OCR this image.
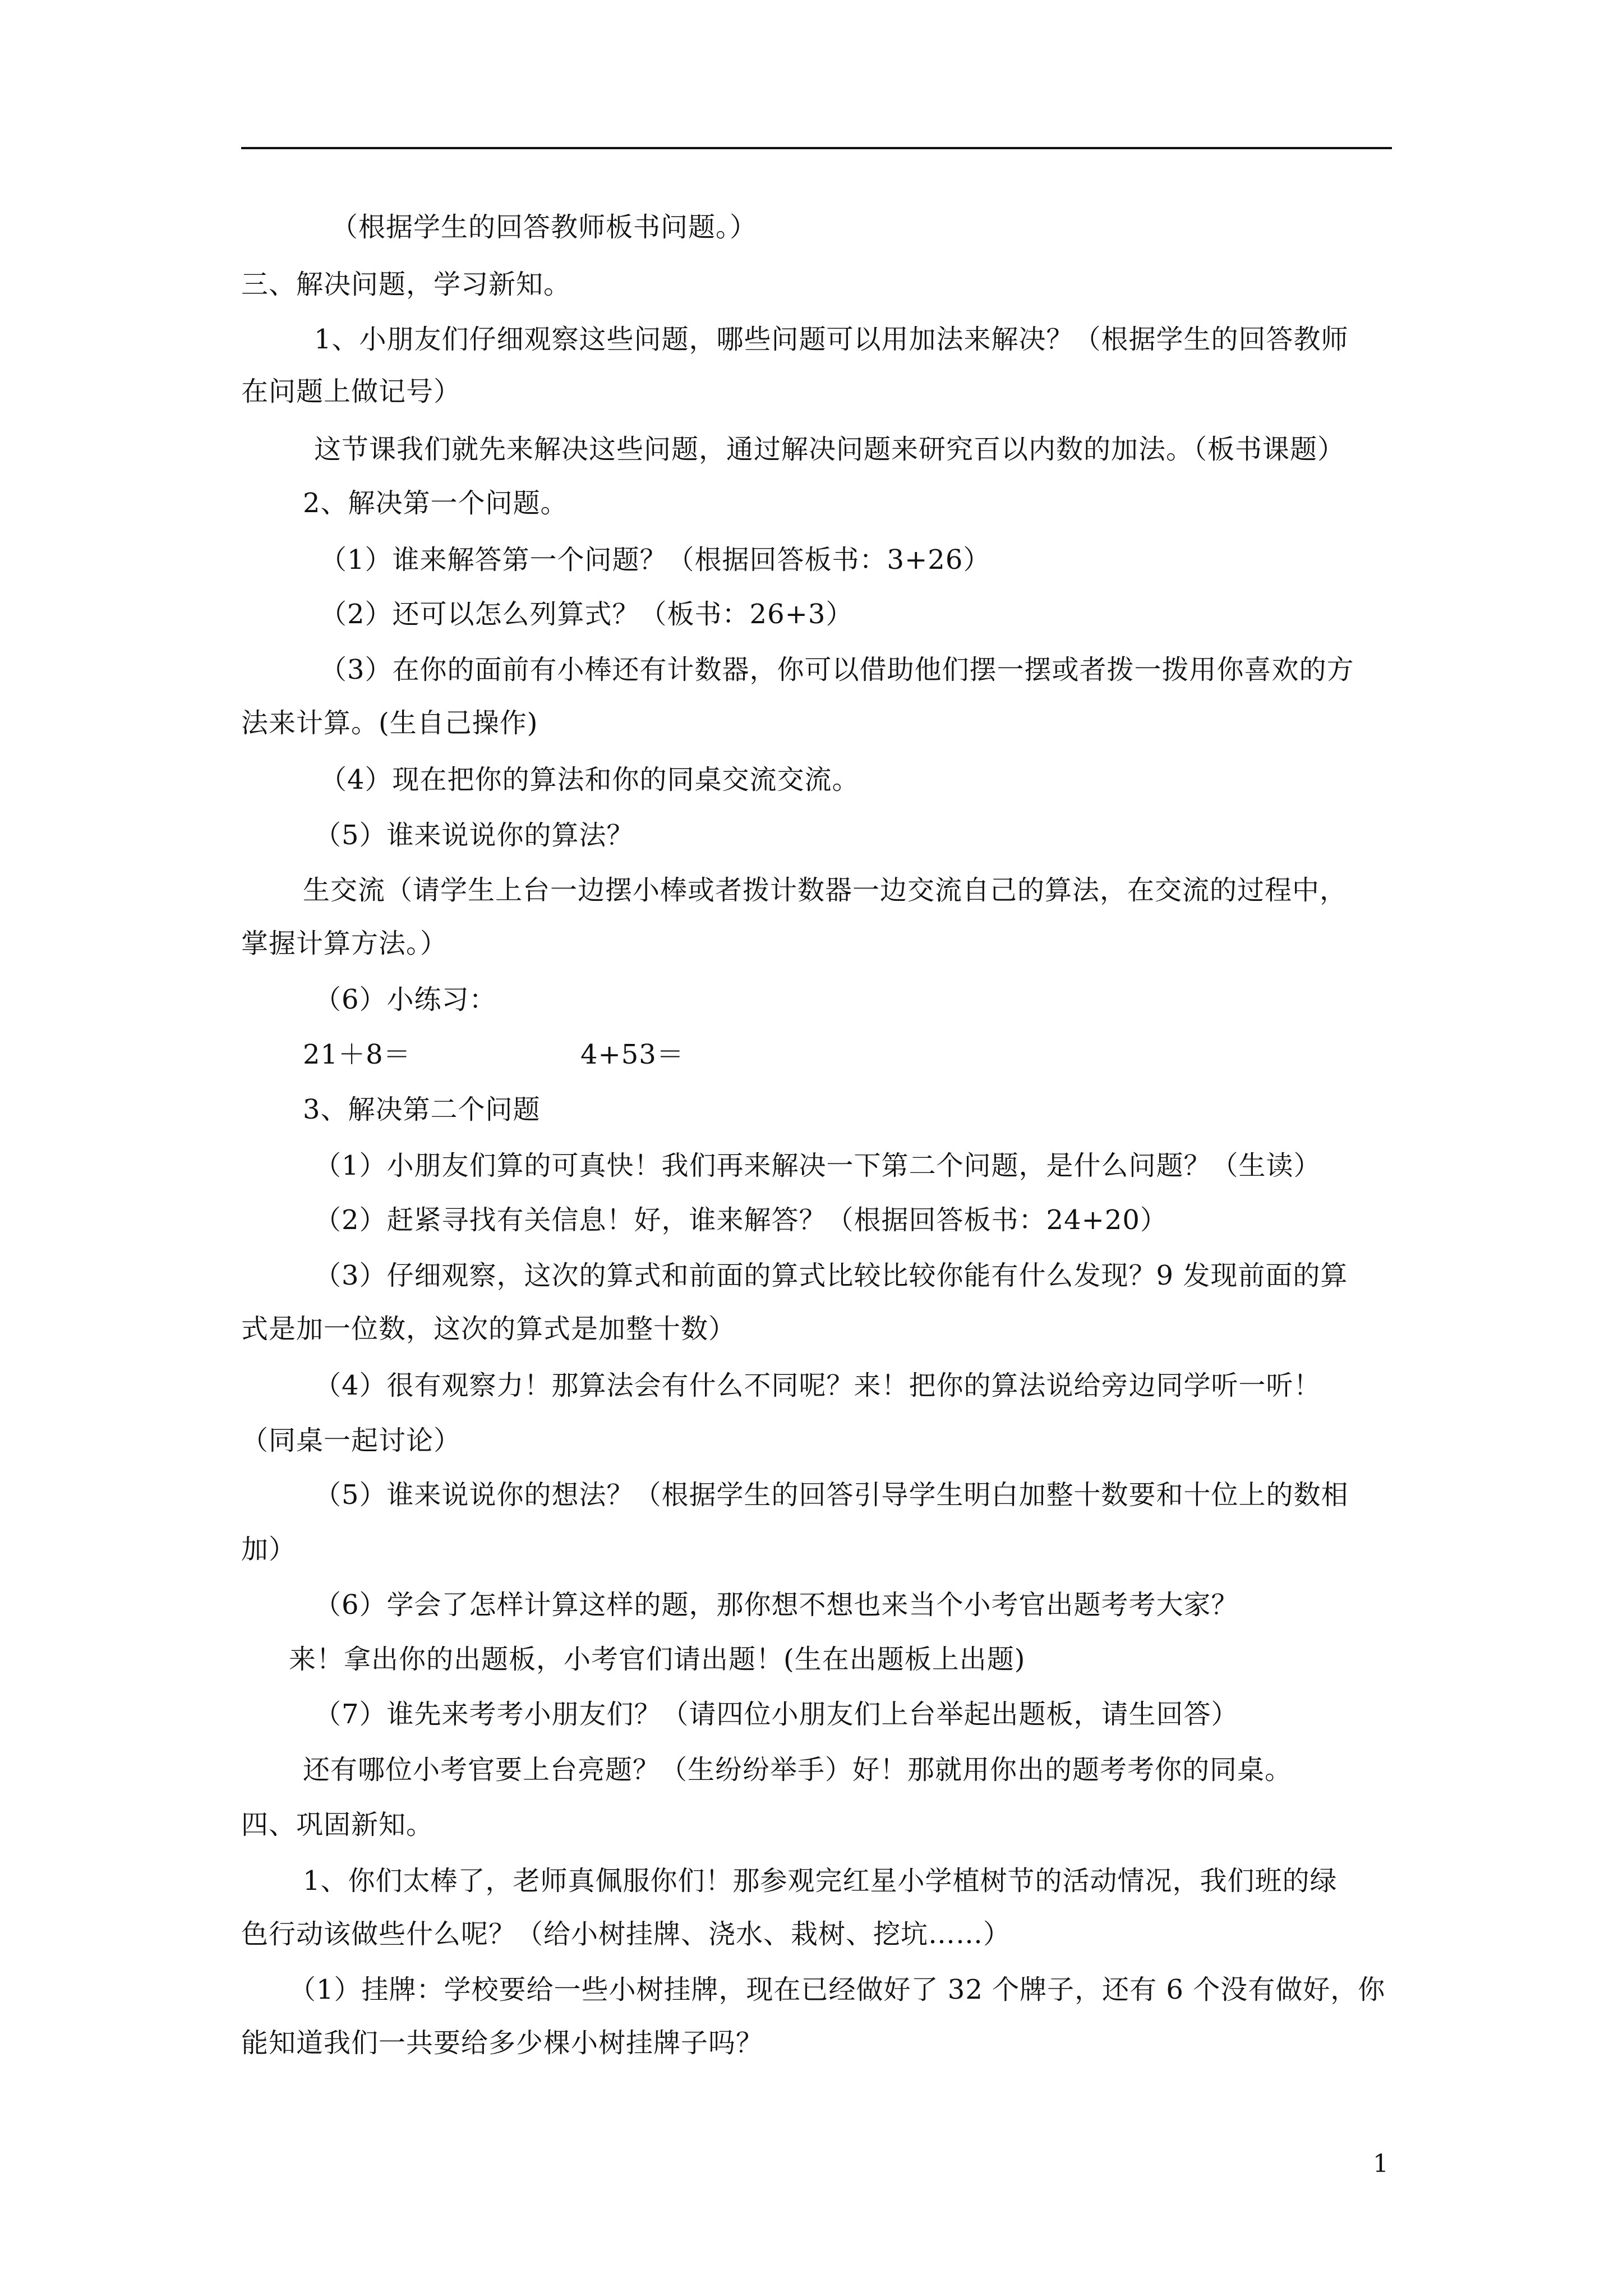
（根据学生的回答教师板书问题。）
三、解决问题，学习新知。
1、小朋友们仔细观察这些问题，哪些问题可以用加法来解决？（根据学生的回答教师
在问题上做记号）
这节课我们就先来解决这些问题，通过解决问题来研究百以内数的加法。（板书课题）
2、解决第一个问题。
（1）谁来解答第一个问题？（根据回答板书：3+26）
（2）还可以怎么列算式？（板书：26+3）
（3）在你的面前有小棒还有计数器，你可以借助他们摆一摆或者拨一拨用你喜欢的方
法来计算。(生自己操作)
（4）现在把你的算法和你的同桌交流交流。
（5）谁来说说你的算法？
生交流（请学生上台一边摆小棒或者拨计数器一边交流自己的算法，在交流的过程中，
掌握计算方法。）
（6）小练习：
21＋8＝	4+53＝
3、解决第二个问题
（1）小朋友们算的可真快！我们再来解决一下第二个问题，是什么问题？（生读）
（2）赶紧寻找有关信息！好，谁来解答？（根据回答板书：24+20）
（3）仔细观察，这次的算式和前面的算式比较比较你能有什么发现？9 发现前面的算
式是加一位数，这次的算式是加整十数）
（4）很有观察力！那算法会有什么不同呢？来！把你的算法说给旁边同学听一听！
（同桌一起讨论）
（5）谁来说说你的想法？（根据学生的回答引导学生明白加整十数要和十位上的数相
加）
（6）学会了怎样计算这样的题，那你想不想也来当个小考官出题考考大家？
来！拿出你的出题板，小考官们请出题！(生在出题板上出题)
（7）谁先来考考小朋友们？（请四位小朋友们上台举起出题板，请生回答）
还有哪位小考官要上台亮题？（生纷纷举手）好！那就用你出的题考考你的同桌。
四、巩固新知。
1、你们太棒了，老师真佩服你们！那参观完红星小学植树节的活动情况，我们班的绿
色行动该做些什么呢？（给小树挂牌、浇水、栽树、挖坑……）
（1）挂牌：学校要给一些小树挂牌，现在已经做好了 32 个牌子，还有 6 个没有做好，你
能知道我们一共要给多少棵小树挂牌子吗？
1
